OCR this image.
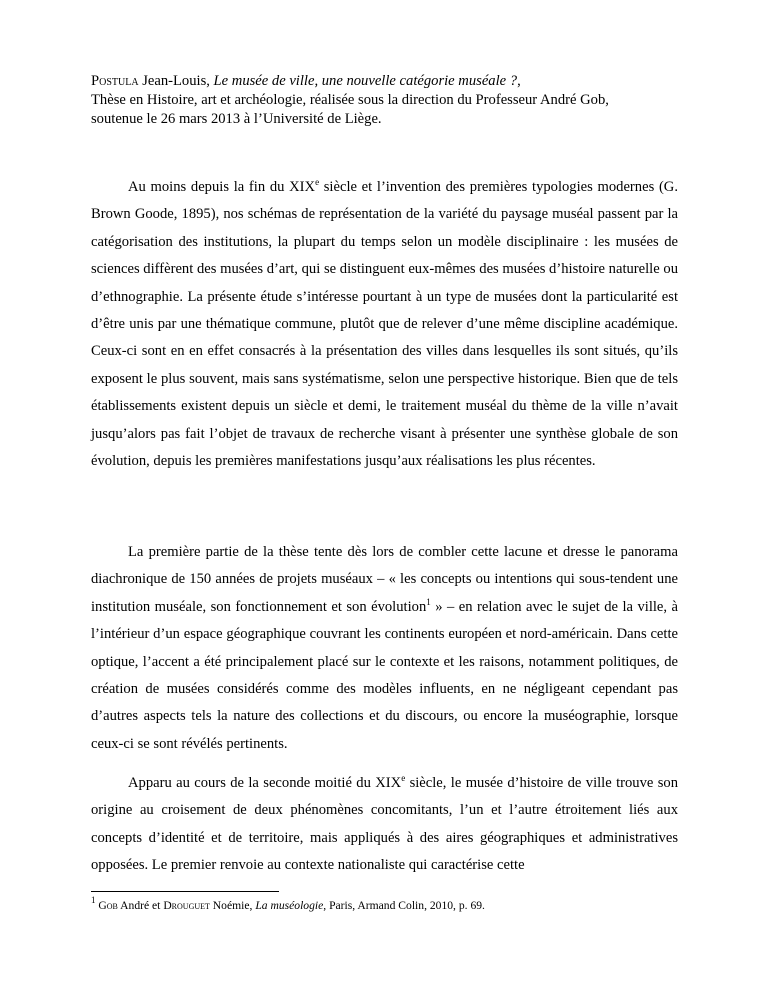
Postula Jean-Louis, Le musée de ville, une nouvelle catégorie muséale ?,
Thèse en Histoire, art et archéologie, réalisée sous la direction du Professeur André Gob,
soutenue le 26 mars 2013 à l’Université de Liège.

Au moins depuis la fin du XIXe siècle et l’invention des premières typologies modernes (G. Brown Goode, 1895), nos schémas de représentation de la variété du paysage muséal passent par la catégorisation des institutions, la plupart du temps selon un modèle disciplinaire : les musées de sciences diffèrent des musées d’art, qui se distinguent eux-mêmes des musées d’histoire naturelle ou d’ethnographie. La présente étude s’intéresse pourtant à un type de musées dont la particularité est d’être unis par une thématique commune, plutôt que de relever d’une même discipline académique. Ceux-ci sont en en effet consacrés à la présentation des villes dans lesquelles ils sont situés, qu’ils exposent le plus souvent, mais sans systématisme, selon une perspective historique. Bien que de tels établissements existent depuis un siècle et demi, le traitement muséal du thème de la ville n’avait jusqu’alors pas fait l’objet de travaux de recherche visant à présenter une synthèse globale de son évolution, depuis les premières manifestations jusqu’aux réalisations les plus récentes.

La première partie de la thèse tente dès lors de combler cette lacune et dresse le panorama diachronique de 150 années de projets muséaux – « les concepts ou intentions qui sous-tendent une institution muséale, son fonctionnement et son évolution$^1$ » – en relation avec le sujet de la ville, à l’intérieur d’un espace géographique couvrant les continents européen et nord-américain. Dans cette optique, l’accent a été principalement placé sur le contexte et les raisons, notamment politiques, de création de musées considérés comme des modèles influents, en ne négligeant cependant pas d’autres aspects tels la nature des collections et du discours, ou encore la muséographie, lorsque ceux-ci se sont révélés pertinents.

Apparu au cours de la seconde moitié du XIXe siècle, le musée d’histoire de ville trouve son origine au croisement de deux phénomènes concomitants, l’un et l’autre étroitement liés aux concepts d’identité et de territoire, mais appliqués à des aires géographiques et administratives opposées. Le premier renvoie au contexte nationaliste qui caractérise cette

$^1$ Gob André et Drouguet Noémie, La muséologie, Paris, Armand Colin, 2010, p. 69.
